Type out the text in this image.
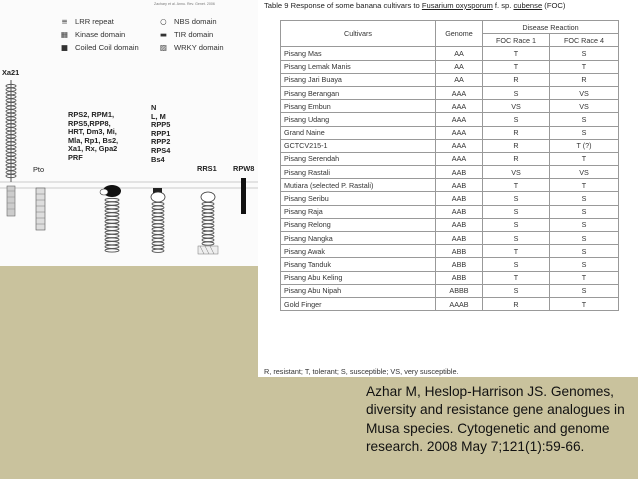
Zachary et al. Annu. Rev. Genet. 2006
≡ LRR repeat
▦ Kinase domain
■ Coiled Coil domain
○ NBS domain
▬ TIR domain
▨ WRKY domain
Xa21
Pto
RPS2, RPM1,
RPS5,RPP8,
HRT, Dm3, Mi,
Mla, Rp1, Bs2,
Xa1, Rx, Gpa2
PRF
N
L, M
RPP5
RPP1
RPP2
RPS4
Bs4
RRS1 RPW8
Table 9 Response of some banana cultivars to Fusarium oxysporum f. sp. cubense (FOC)
Cultivars	Genome	Disease Reaction	
		FOC Race 1	FOC Race 4
Pisang Mas	AA	T	S
Pisang Lemak Manis	AA	T	T
Pisang Jari Buaya	AA	R	R
Pisang Berangan	AAA	S	VS
Pisang Embun	AAA	VS	VS
Pisang Udang	AAA	S	S
Grand Naine	AAA	R	S
GCTCV215-1	AAA	R	T (?)
Pisang Serendah	AAA	R	T
Pisang Rastali	AAB	VS	VS
Mutiara (selected P. Rastali)	AAB	T	T
Pisang Seribu	AAB	S	S
Pisang Raja	AAB	S	S
Pisang Relong	AAB	S	S
Pisang Nangka	AAB	S	S
Pisang Awak	ABB	T	S
Pisang Tanduk	ABB	S	S
Pisang Abu Keling	ABB	T	T
Pisang Abu Nipah	ABBB	S	S
Gold Finger	AAAB	R	T
R, resistant; T, tolerant; S, susceptible; VS, very susceptible.
Azhar M, Heslop-Harrison JS. Genomes, diversity and resistance gene analogues in Musa species. Cytogenetic and genome research. 2008 May 7;121(1):59-66.
